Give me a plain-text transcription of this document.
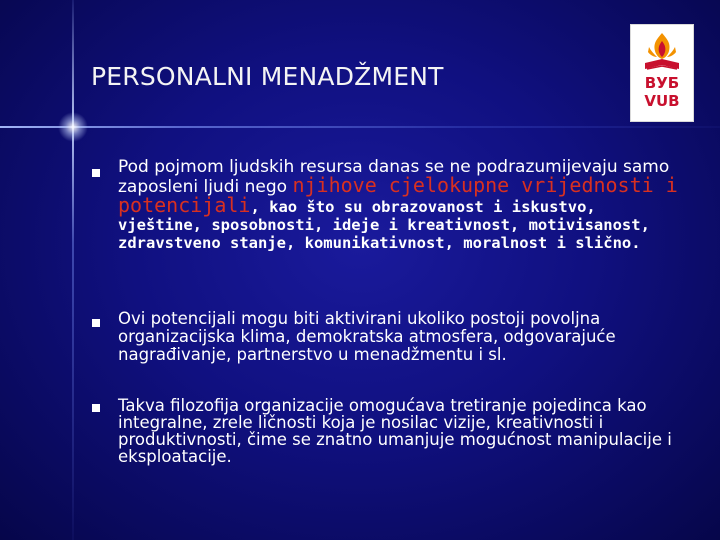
PERSONALNI MENADŽMENT	ВУБ
VUB
Pod pojmom ljudskih resursa danas se ne podrazumijevaju samo zaposleni ljudi nego njihove cjelokupne vrijednosti i potencijali, kao što su obrazovanost i iskustvo, vještine, sposobnosti, ideje i kreativnost, motivisanost, zdravstveno stanje, komunikativnost, moralnost i slično.
Ovi potencijali mogu biti aktivirani ukoliko postoji povoljna organizacijska klima, demokratska atmosfera, odgovarajuće nagrađivanje, partnerstvo u menadžmentu i sl.
Takva filozofija organizacije omogućava tretiranje pojedinca kao integralne, zrele ličnosti koja je nosilac vizije, kreativnosti i produktivnosti, čime se znatno umanjuje mogućnost manipulacije i eksploatacije.
